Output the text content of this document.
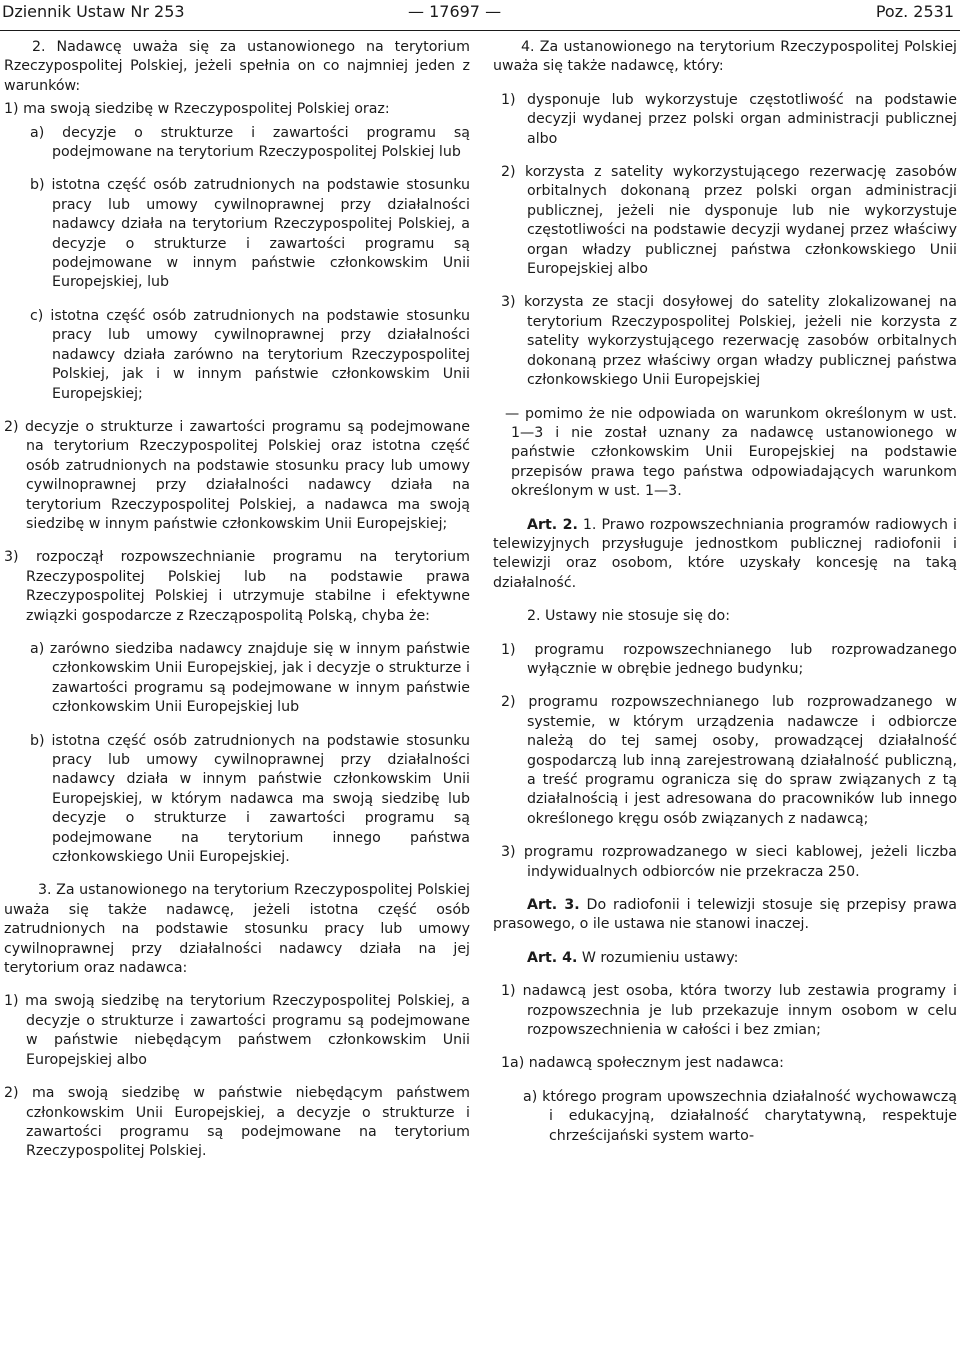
Dziennik Ustaw Nr 253	— 17697 —	Poz. 2531

2. Nadawcę uważa się za ustanowionego na terytorium Rzeczypospolitej Polskiej, jeżeli spełnia on co najmniej jeden z warunków:

1) ma swoją siedzibę w Rzeczypospolitej Polskiej oraz:

a) decyzje o strukturze i zawartości programu są podejmowane na terytorium Rzeczypospolitej Polskiej lub

b) istotna część osób zatrudnionych na podstawie stosunku pracy lub umowy cywilnoprawnej przy działalności nadawcy działa na terytorium Rzeczypospolitej Polskiej, a decyzje o strukturze i zawartości programu są podejmowane w innym państwie członkowskim Unii Europejskiej, lub

c) istotna część osób zatrudnionych na podstawie stosunku pracy lub umowy cywilnoprawnej przy działalności nadawcy działa zarówno na terytorium Rzeczypospolitej Polskiej, jak i w innym państwie członkowskim Unii Europejskiej;

2) decyzje o strukturze i zawartości programu są podejmowane na terytorium Rzeczypospolitej Polskiej oraz istotna część osób zatrudnionych na podstawie stosunku pracy lub umowy cywilnoprawnej przy działalności nadawcy działa na terytorium Rzeczypospolitej Polskiej, a nadawca ma swoją siedzibę w innym państwie członkowskim Unii Europejskiej;

3) rozpoczął rozpowszechnianie programu na terytorium Rzeczypospolitej Polskiej lub na podstawie prawa Rzeczypospolitej Polskiej i utrzymuje stabilne i efektywne związki gospodarcze z Rzecząpospolitą Polską, chyba że:

a) zarówno siedziba nadawcy znajduje się w innym państwie członkowskim Unii Europejskiej, jak i decyzje o strukturze i zawartości programu są podejmowane w innym państwie członkowskim Unii Europejskiej lub

b) istotna część osób zatrudnionych na podstawie stosunku pracy lub umowy cywilnoprawnej przy działalności nadawcy działa w innym państwie członkowskim Unii Europejskiej, w którym nadawca ma swoją siedzibę lub decyzje o strukturze i zawartości programu są podejmowane na terytorium innego państwa członkowskiego Unii Europejskiej.

3. Za ustanowionego na terytorium Rzeczypospolitej Polskiej uważa się także nadawcę, jeżeli istotna część osób zatrudnionych na podstawie stosunku pracy lub umowy cywilnoprawnej przy działalności nadawcy działa na jej terytorium oraz nadawca:

1) ma swoją siedzibę na terytorium Rzeczypospolitej Polskiej, a decyzje o strukturze i zawartości programu są podejmowane w państwie niebędącym państwem członkowskim Unii Europejskiej albo

2) ma swoją siedzibę w państwie niebędącym państwem członkowskim Unii Europejskiej, a decyzje o strukturze i zawartości programu są podejmowane na terytorium Rzeczypospolitej Polskiej.

4. Za ustanowionego na terytorium Rzeczypospolitej Polskiej uważa się także nadawcę, który:

1) dysponuje lub wykorzystuje częstotliwość na podstawie decyzji wydanej przez polski organ administracji publicznej albo

2) korzysta z satelity wykorzystującego rezerwację zasobów orbitalnych dokonaną przez polski organ administracji publicznej, jeżeli nie dysponuje lub nie wykorzystuje częstotliwości na podstawie decyzji wydanej przez właściwy organ władzy publicznej państwa członkowskiego Unii Europejskiej albo

3) korzysta ze stacji dosyłowej do satelity zlokalizowanej na terytorium Rzeczypospolitej Polskiej, jeżeli nie korzysta z satelity wykorzystującego rezerwację zasobów orbitalnych dokonaną przez właściwy organ władzy publicznej państwa członkowskiego Unii Europejskiej

— pomimo że nie odpowiada on warunkom określonym w ust. 1—3 i nie został uznany za nadawcę ustanowionego w państwie członkowskim Unii Europejskiej na podstawie przepisów prawa tego państwa odpowiadających warunkom określonym w ust. 1—3.

Art. 2. 1. Prawo rozpowszechniania programów radiowych i telewizyjnych przysługuje jednostkom publicznej radiofonii i telewizji oraz osobom, które uzyskały koncesję na taką działalność.

2. Ustawy nie stosuje się do:

1) programu rozpowszechnianego lub rozprowadzanego wyłącznie w obrębie jednego budynku;

2) programu rozpowszechnianego lub rozprowadzanego w systemie, w którym urządzenia nadawcze i odbiorcze należą do tej samej osoby, prowadzącej działalność gospodarczą lub inną zarejestrowaną działalność publiczną, a treść programu ogranicza się do spraw związanych z tą działalnością i jest adresowana do pracowników lub innego określonego kręgu osób związanych z nadawcą;

3) programu rozprowadzanego w sieci kablowej, jeżeli liczba indywidualnych odbiorców nie przekracza 250.

Art. 3. Do radiofonii i telewizji stosuje się przepisy prawa prasowego, o ile ustawa nie stanowi inaczej.

Art. 4. W rozumieniu ustawy:

1) nadawcą jest osoba, która tworzy lub zestawia programy i rozpowszechnia je lub przekazuje innym osobom w celu rozpowszechnienia w całości i bez zmian;

1a) nadawcą społecznym jest nadawca:

a) którego program upowszechnia działalność wychowawczą i edukacyjną, działalność charytatywną, respektuje chrześcijański system warto-
